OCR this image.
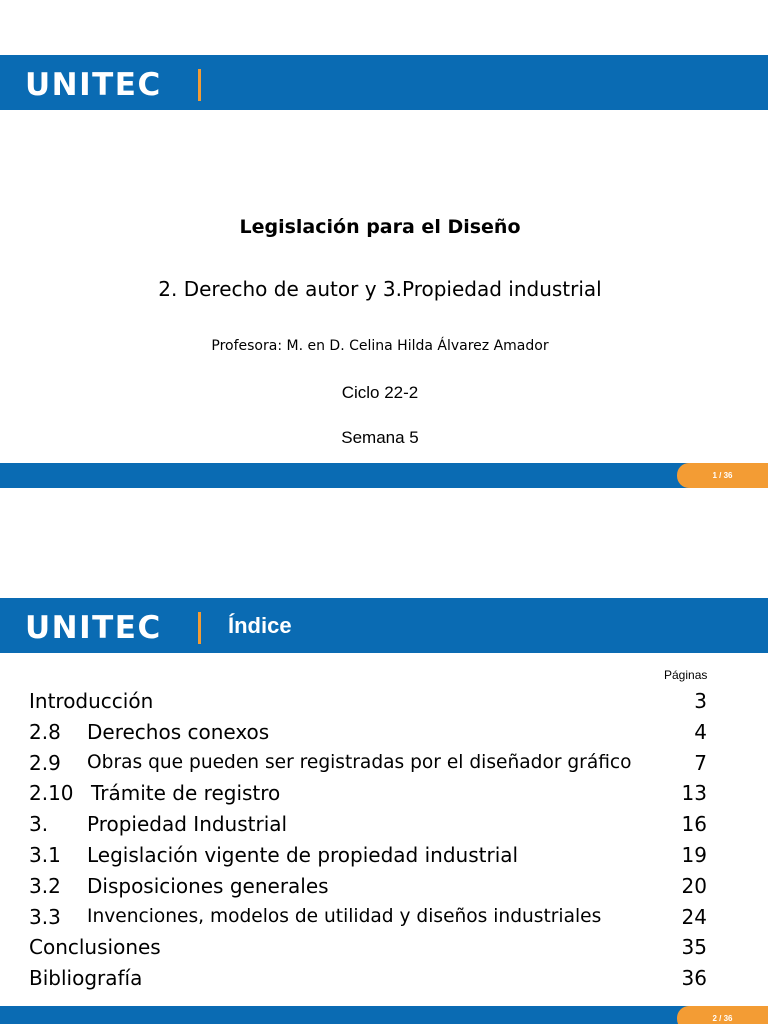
UNITEC
Legislación para el Diseño
2. Derecho de autor y 3.Propiedad industrial
Profesora: M. en D. Celina Hilda Álvarez Amador
Ciclo 22-2
Semana 5
1 / 36
UNITEC	Índice
Páginas
Introducción	3
2.8 Derechos conexos	4
2.9 Obras que pueden ser registradas por el diseñador gráfico	7
2.10 Trámite de registro	13
3. Propiedad Industrial	16
3.1 Legislación vigente de propiedad industrial	19
3.2 Disposiciones generales	20
3.3 Invenciones, modelos de utilidad y diseños industriales	24
Conclusiones	35
Bibliografía	36
2 / 36
